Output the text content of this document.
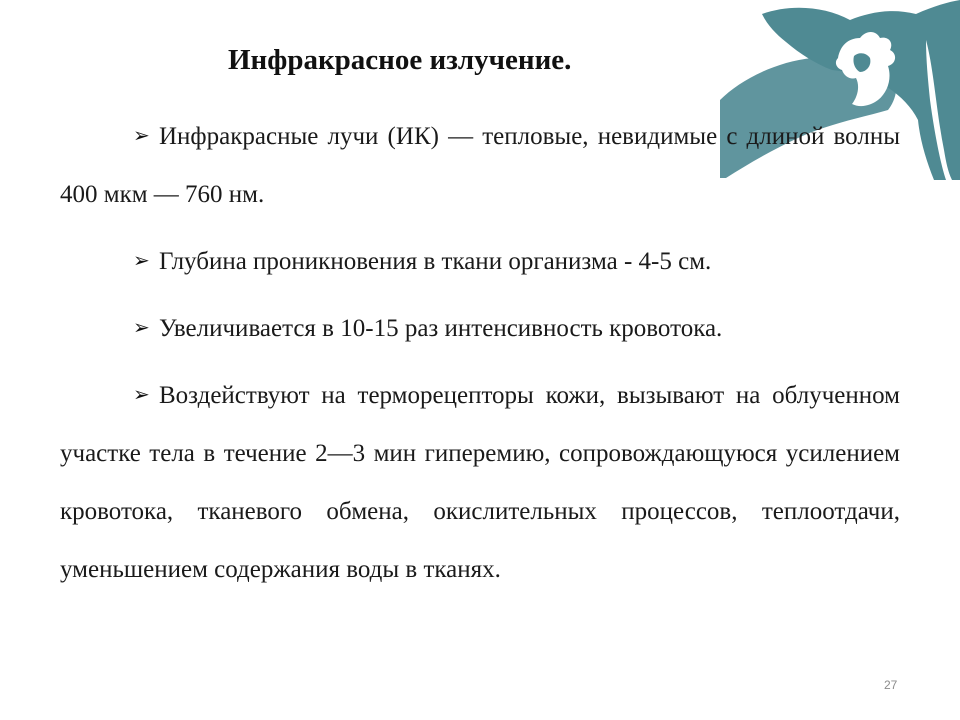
Инфракрасное излучение.

➢ Инфракрасные лучи (ИК) — тепловые, невидимые с длиной волны 400 мкм — 760 нм.

➢ Глубина проникновения в ткани организма - 4-5 см.

➢ Увеличивается в 10-15 раз интенсивность кровотока.

➢ Воздействуют на терморецепторы кожи, вызывают на облученном участке тела в течение 2—3 мин гиперемию, сопровождающуюся усилением кровотока, тканевого обмена, окислительных процессов, теплоотдачи, уменьшением содержания воды в тканях.

27
